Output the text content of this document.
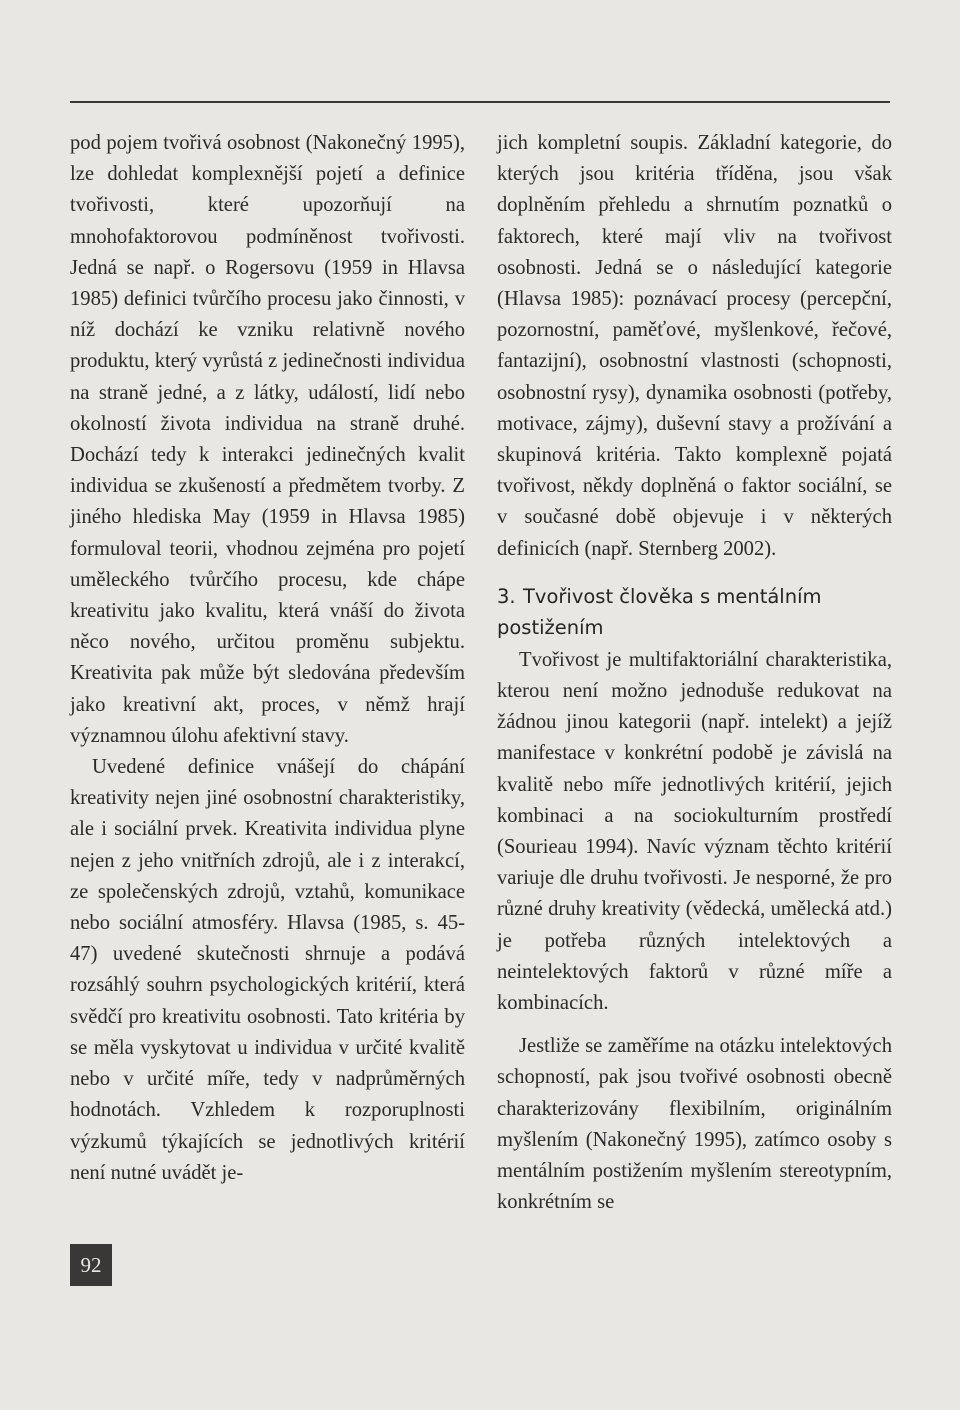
pod pojem tvořivá osobnost (Nakonečný 1995), lze dohledat komplexnější pojetí a definice tvořivosti, které upozorňují na mnohofaktorovou podmíněnost tvořivosti. Jedná se např. o Rogersovu (1959 in Hlavsa 1985) definici tvůrčího procesu jako činnosti, v níž dochází ke vzniku relativně nového produktu, který vyrůstá z jedinečnosti individua na straně jedné, a z látky, událostí, lidí nebo okolností života individua na straně druhé. Dochází tedy k interakci jedinečných kvalit individua se zkušeností a předmětem tvorby. Z jiného hlediska May (1959 in Hlavsa 1985) formuloval teorii, vhodnou zejména pro pojetí uměleckého tvůrčího procesu, kde chápe kreativitu jako kvalitu, která vnáší do života něco nového, určitou proměnu subjektu. Kreativita pak může být sledována především jako kreativní akt, proces, v němž hrají významnou úlohu afektivní stavy.

Uvedené definice vnášejí do chápání kreativity nejen jiné osobnostní charakteristiky, ale i sociální prvek. Kreativita individua plyne nejen z jeho vnitřních zdrojů, ale i z interakcí, ze společenských zdrojů, vztahů, komunikace nebo sociální atmosféry. Hlavsa (1985, s. 45-47) uvedené skutečnosti shrnuje a podává rozsáhlý souhrn psychologických kritérií, která svědčí pro kreativitu osobnosti. Tato kritéria by se měla vyskytovat u individua v určité kvalitě nebo v určité míře, tedy v nadprůměrných hodnotách. Vzhledem k rozporuplnosti výzkumů týkajících se jednotlivých kritérií není nutné uvádět je-

jich kompletní soupis. Základní kategorie, do kterých jsou kritéria tříděna, jsou však doplněním přehledu a shrnutím poznatků o faktorech, které mají vliv na tvořivost osobnosti. Jedná se o následující kategorie (Hlavsa 1985): poznávací procesy (percepční, pozornostní, paměťové, myšlenkové, řečové, fantazijní), osobnostní vlastnosti (schopnosti, osobnostní rysy), dynamika osobnosti (potřeby, motivace, zájmy), duševní stavy a prožívání a skupinová kritéria. Takto komplexně pojatá tvořivost, někdy doplněná o faktor sociální, se v současné době objevuje i v některých definicích (např. Sternberg 2002).

3. Tvořivost člověka s mentálním
postižením

Tvořivost je multifaktoriální charakteristika, kterou není možno jednoduše redukovat na žádnou jinou kategorii (např. intelekt) a jejíž manifestace v konkrétní podobě je závislá na kvalitě nebo míře jednotlivých kritérií, jejich kombinaci a na sociokulturním prostředí (Sourieau 1994). Navíc význam těchto kritérií variuje dle druhu tvořivosti. Je nesporné, že pro různé druhy kreativity (vědecká, umělecká atd.) je potřeba různých intelektových a neintelektových faktorů v různé míře a kombinacích.

Jestliže se zaměříme na otázku intelektových schopností, pak jsou tvořivé osobnosti obecně charakterizovány flexibilním, originálním myšlením (Nakonečný 1995), zatímco osoby s mentálním postižením myšlením stereotypním, konkrétním se

92
